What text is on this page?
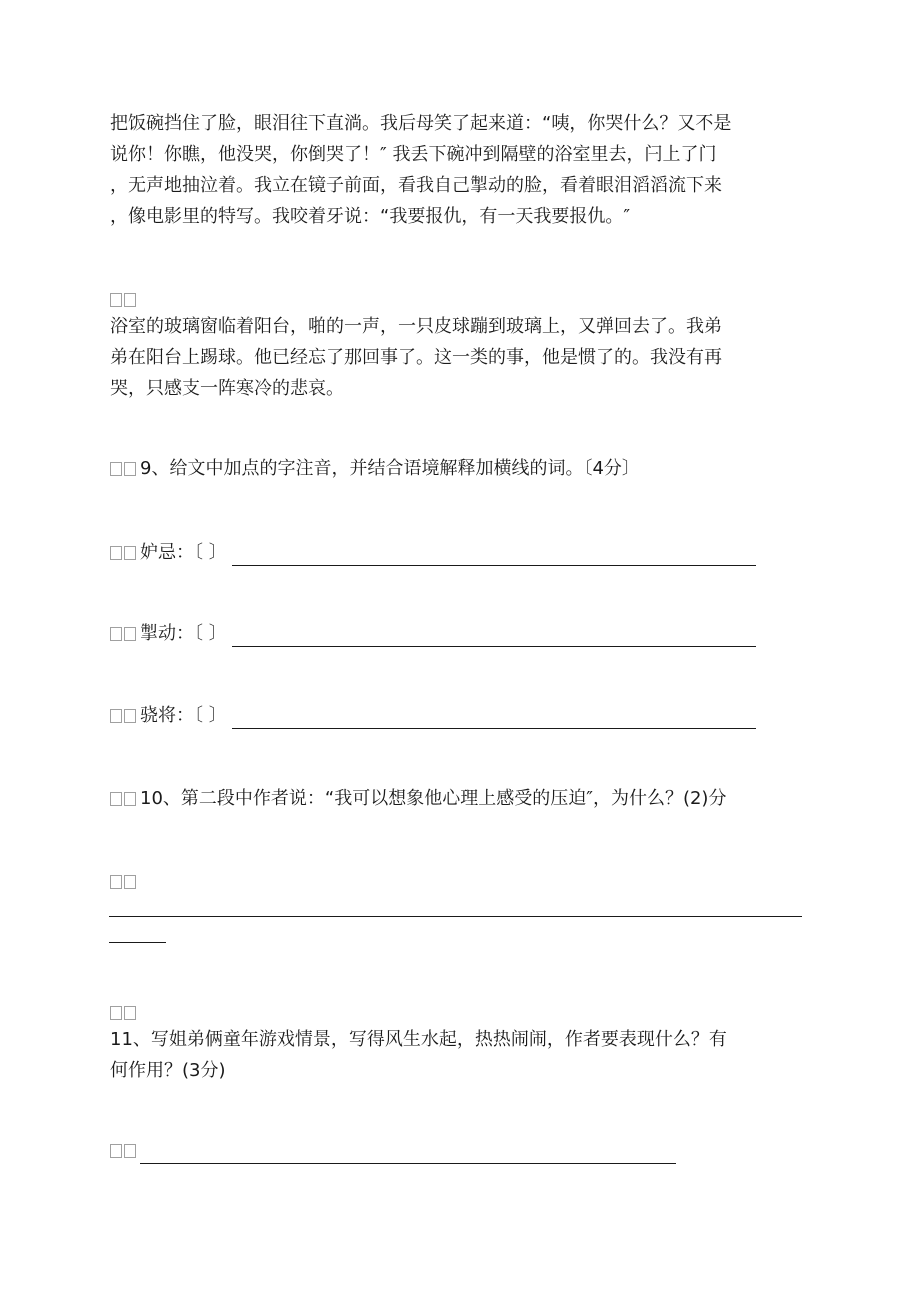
把饭碗挡住了脸，眼泪往下直淌。我后母笑了起来道：“咦，你哭什么？又不是
说你！你瞧，他没哭，你倒哭了！″ 我丢下碗冲到隔壁的浴室里去，闩上了门
，无声地抽泣着。我立在镜子前面，看我自己掣动的脸，看着眼泪滔滔流下来
，像电影里的特写。我咬着牙说：“我要报仇，有一天我要报仇。″
浴室的玻璃窗临着阳台，啪的一声，一只皮球蹦到玻璃上，又弹回去了。我弟
弟在阳台上踢球。他已经忘了那回事了。这一类的事，他是惯了的。我没有再
哭，只感支一阵寒冷的悲哀。
9、给文中加点的字注音，并结合语境解释加横线的词。〔4分〕
妒忌：〔 〕
掣动：〔 〕
骁将：〔 〕
10、第二段中作者说：“我可以想象他心理上感受的压迫″，为什么？(2)分
11、写姐弟俩童年游戏情景，写得风生水起，热热闹闹，作者要表现什么？有
何作用？(3分)
